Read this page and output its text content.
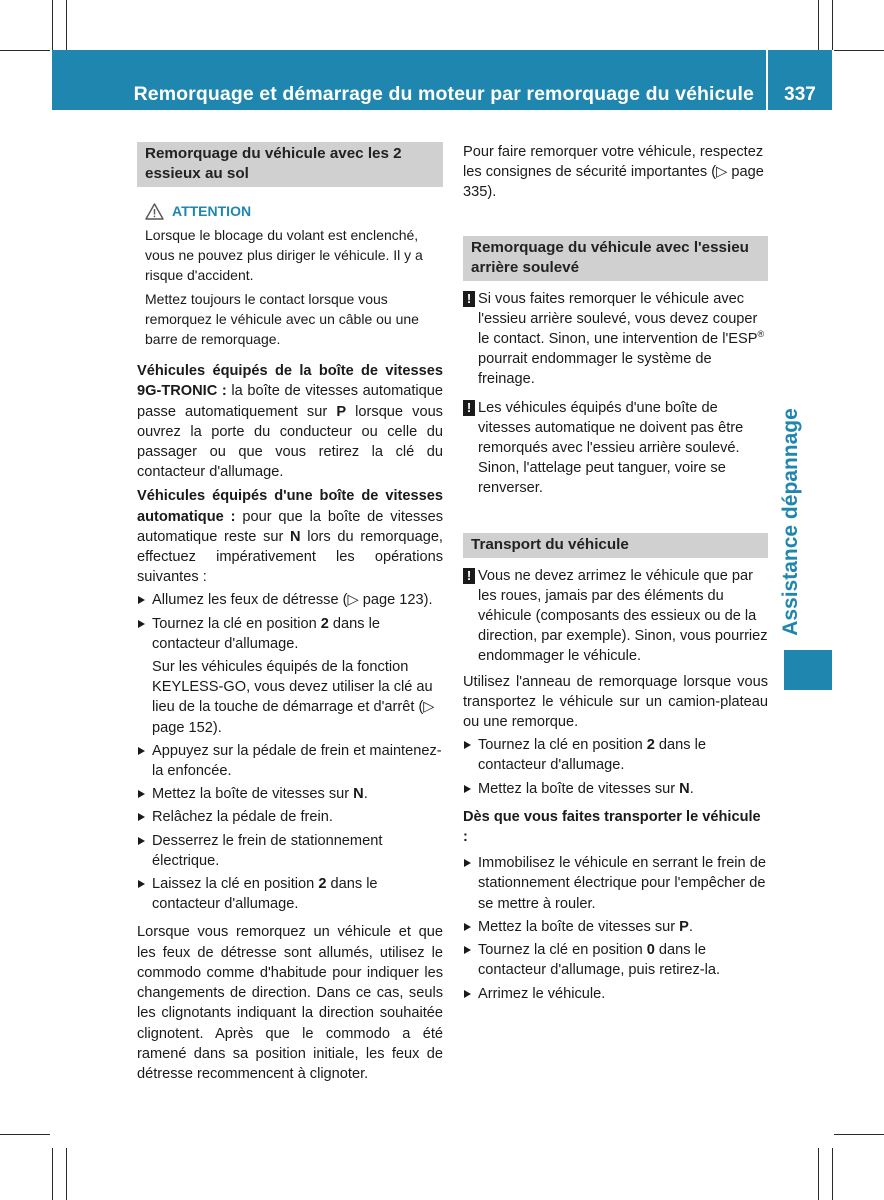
Remorquage et démarrage du moteur par remorquage du véhicule	337
Assistance dépannage
Remorquage du véhicule avec les 2 essieux au sol
ATTENTION

Lorsque le blocage du volant est enclenché, vous ne pouvez plus diriger le véhicule. Il y a risque d'accident.

Mettez toujours le contact lorsque vous remorquez le véhicule avec un câble ou une barre de remorquage.

Véhicules équipés de la boîte de vitesses 9G-TRONIC : la boîte de vitesses automatique passe automatiquement sur P lorsque vous ouvrez la porte du conducteur ou celle du passager ou que vous retirez la clé du contacteur d'allumage.

Véhicules équipés d'une boîte de vitesses automatique : pour que la boîte de vitesses automatique reste sur N lors du remorquage, effectuez impérativement les opérations suivantes :

Allumez les feux de détresse (▷ page 123).
Tournez la clé en position 2 dans le contacteur d'allumage.
Sur les véhicules équipés de la fonction KEYLESS-GO, vous devez utiliser la clé au lieu de la touche de démarrage et d'arrêt (▷ page 152).
Appuyez sur la pédale de frein et maintenez-la enfoncée.
Mettez la boîte de vitesses sur N.
Relâchez la pédale de frein.
Desserrez le frein de stationnement électrique.
Laissez la clé en position 2 dans le contacteur d'allumage.

Lorsque vous remorquez un véhicule et que les feux de détresse sont allumés, utilisez le commodo comme d'habitude pour indiquer les changements de direction. Dans ce cas, seuls les clignotants indiquant la direction souhaitée clignotent. Après que le commodo a été ramené dans sa position initiale, les feux de détresse recommencent à clignoter.

Pour faire remorquer votre véhicule, respectez les consignes de sécurité importantes (▷ page 335).

Remorquage du véhicule avec l'essieu arrière soulevé
! Si vous faites remorquer le véhicule avec l'essieu arrière soulevé, vous devez couper le contact. Sinon, une intervention de l'ESP® pourrait endommager le système de freinage.
! Les véhicules équipés d'une boîte de vitesses automatique ne doivent pas être remorqués avec l'essieu arrière soulevé. Sinon, l'attelage peut tanguer, voire se renverser.
Transport du véhicule
! Vous ne devez arrimez le véhicule que par les roues, jamais par des éléments du véhicule (composants des essieux ou de la direction, par exemple). Sinon, vous pourriez endommager le véhicule.

Utilisez l'anneau de remorquage lorsque vous transportez le véhicule sur un camion-plateau ou une remorque.

Tournez la clé en position 2 dans le contacteur d'allumage.
Mettez la boîte de vitesses sur N.

Dès que vous faites transporter le véhicule :

Immobilisez le véhicule en serrant le frein de stationnement électrique pour l'empêcher de se mettre à rouler.
Mettez la boîte de vitesses sur P.
Tournez la clé en position 0 dans le contacteur d'allumage, puis retirez-la.
Arrimez le véhicule.
